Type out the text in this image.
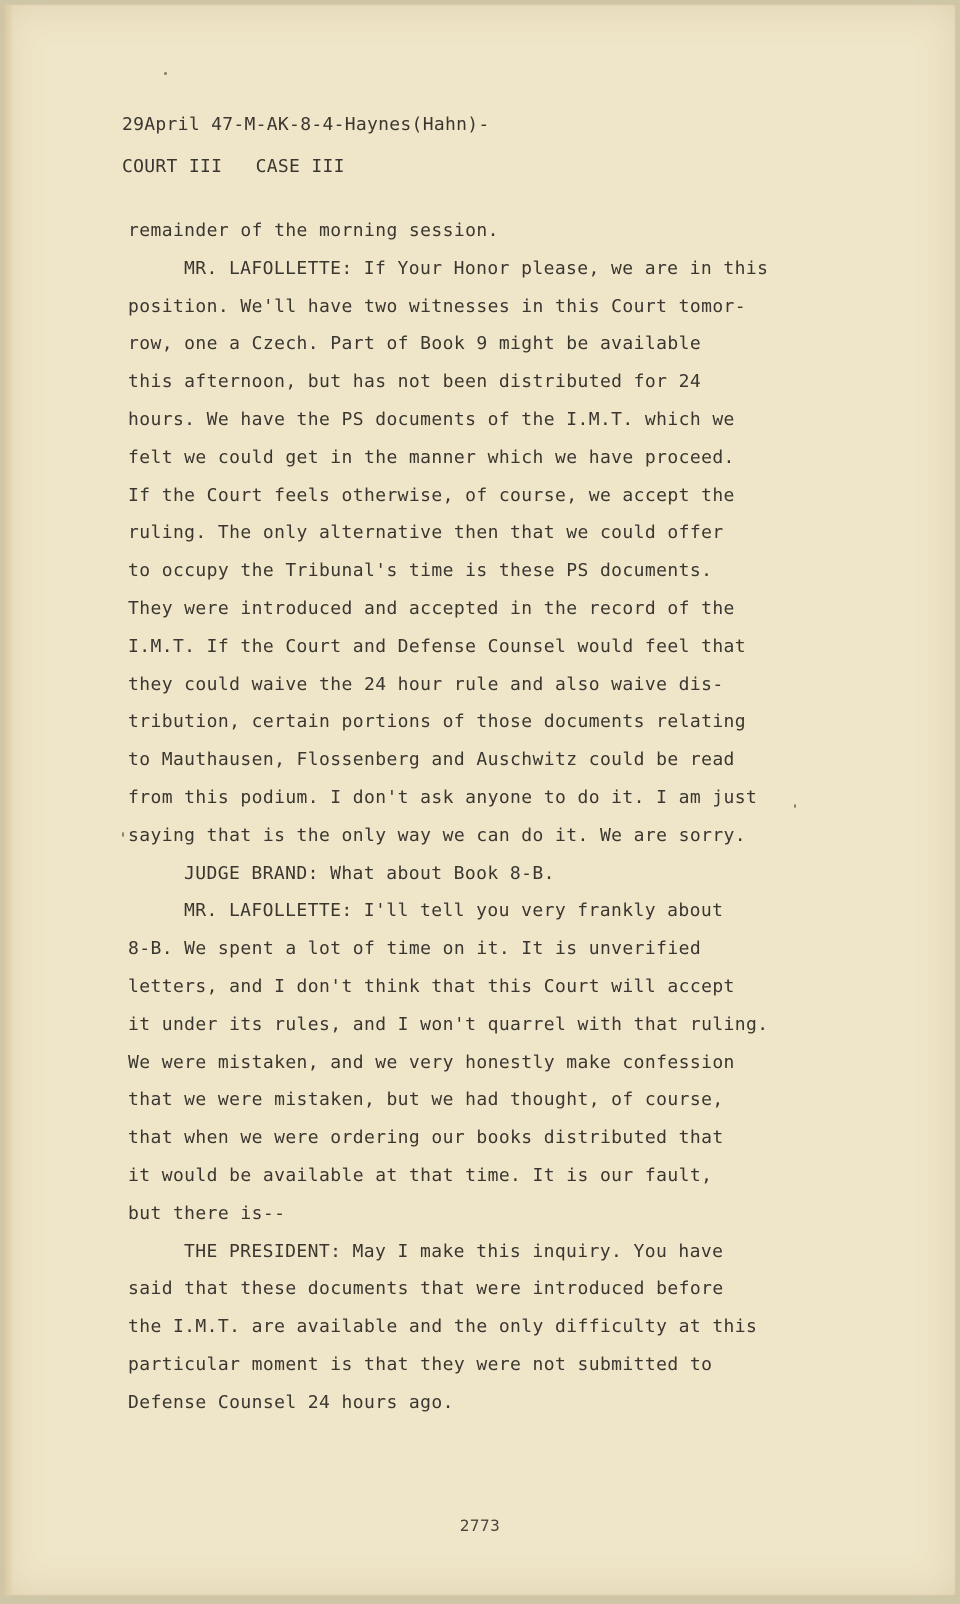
29April 47-M-AK-8-4-Haynes(Hahn)-
COURT III   CASE III
remainder of the morning session.
MR. LAFOLLETTE: If Your Honor please, we are in this
position. We'll have two witnesses in this Court tomor-
row, one a Czech. Part of Book 9 might be available
this afternoon, but has not been distributed for 24
hours. We have the PS documents of the I.M.T. which we
felt we could get in the manner which we have proceed.
If the Court feels otherwise, of course, we accept the
ruling. The only alternative then that we could offer
to occupy the Tribunal's time is these PS documents.
They were introduced and accepted in the record of the
I.M.T. If the Court and Defense Counsel would feel that
they could waive the 24 hour rule and also waive dis-
tribution, certain portions of those documents relating
to Mauthausen, Flossenberg and Auschwitz could be read
from this podium. I don't ask anyone to do it. I am just
saying that is the only way we can do it. We are sorry.
JUDGE BRAND: What about Book 8-B.
MR. LAFOLLETTE: I'll tell you very frankly about
8-B. We spent a lot of time on it. It is unverified
letters, and I don't think that this Court will accept
it under its rules, and I won't quarrel with that ruling.
We were mistaken, and we very honestly make confession
that we were mistaken, but we had thought, of course,
that when we were ordering our books distributed that
it would be available at that time. It is our fault,
but there is--
THE PRESIDENT: May I make this inquiry. You have
said that these documents that were introduced before
the I.M.T. are available and the only difficulty at this
particular moment is that they were not submitted to
Defense Counsel 24 hours ago.
2773
